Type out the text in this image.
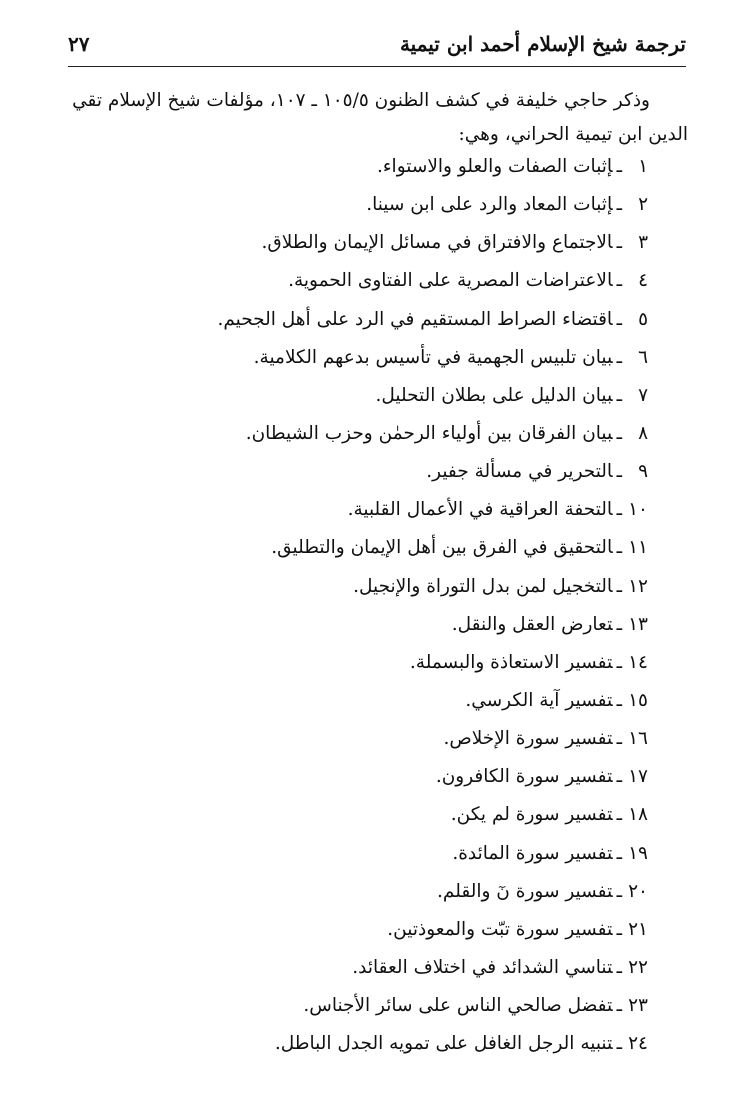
ترجمة شيخ الإسلام أحمد ابن تيمية
٢٧
وذكر حاجي خليفة في كشف الظنون ١٠٥/٥ ـ ١٠٧، مؤلفات شيخ الإسلام تقي
الدين ابن تيمية الحراني، وهي:
١ـإثبات الصفات والعلو والاستواء.
٢ـإثبات المعاد والرد على ابن سينا.
٣ـالاجتماع والافتراق في مسائل الإيمان والطلاق.
٤ـالاعتراضات المصرية على الفتاوى الحموية.
٥ـاقتضاء الصراط المستقيم في الرد على أهل الجحيم.
٦ـبيان تلبيس الجهمية في تأسيس بدعهم الكلامية.
٧ـبيان الدليل على بطلان التحليل.
٨ـبيان الفرقان بين أولياء الرحمٰن وحزب الشيطان.
٩ـالتحرير في مسألة جفير.
١٠ـالتحفة العراقية في الأعمال القلبية.
١١ـالتحقيق في الفرق بين أهل الإيمان والتطليق.
١٢ـالتخجيل لمن بدل التوراة والإنجيل.
١٣ـتعارض العقل والنقل.
١٤ـتفسير الاستعاذة والبسملة.
١٥ـتفسير آية الكرسي.
١٦ـتفسير سورة الإخلاص.
١٧ـتفسير سورة الكافرون.
١٨ـتفسير سورة لم يكن.
١٩ـتفسير سورة المائدة.
٢٠ـتفسير سورة نٓ والقلم.
٢١ـتفسير سورة تبّت والمعوذتين.
٢٢ـتناسي الشدائد في اختلاف العقائد.
٢٣ـتفضل صالحي الناس على سائر الأجناس.
٢٤ـتنبيه الرجل الغافل على تمويه الجدل الباطل.
